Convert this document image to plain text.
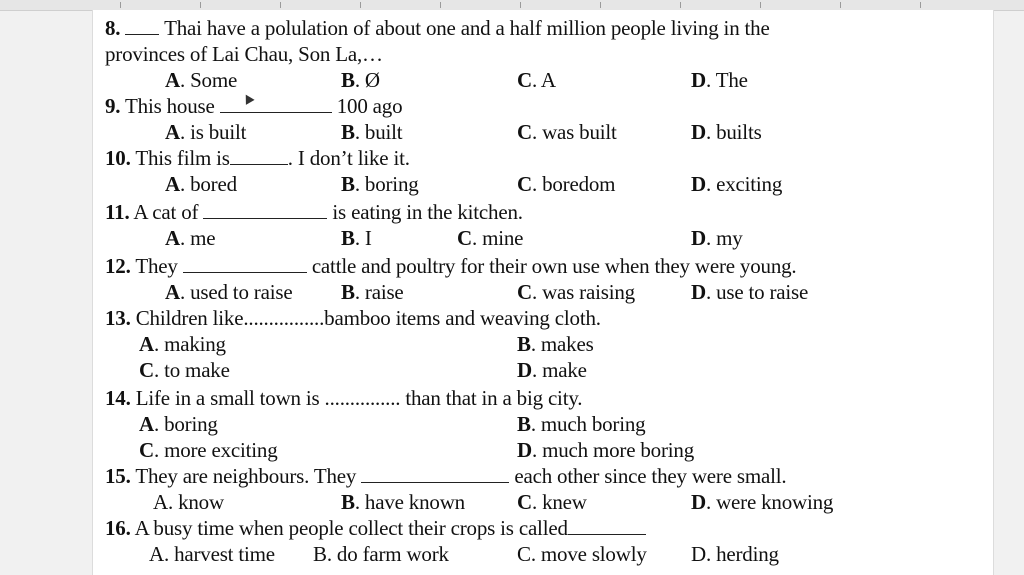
8. Thai have a polulation of about one and a half million people living in the
provinces of Lai Chau, Son La,…
A. Some	B. Ø	C. A	D. The
9. This house	100 ago
A. is built	B. built	C. was built	D. builts
10. This film is	. I don’t like it.
A. bored	B. boring	C. boredom	D. exciting
11. A cat of	is eating in the kitchen.
A. me	B. I	C. mine	D. my
12. They	cattle and poultry for their own use when they were young.
A. used to raise B. raise	C. was raising	D. use to raise
13. Children like................bamboo items and weaving cloth.
A. making	B. makes
C. to make	D. make
14. Life in a small town is ............... than that in a big city.
A. boring	B. much boring
C. more exciting	D. much more boring
15. They are neighbours. They	each other since they were small.
A. know	B. have known C. knew	D. were knowing
16. A busy time when people collect their crops is called
A. harvest time B. do farm work	C. move slowly D. herding
